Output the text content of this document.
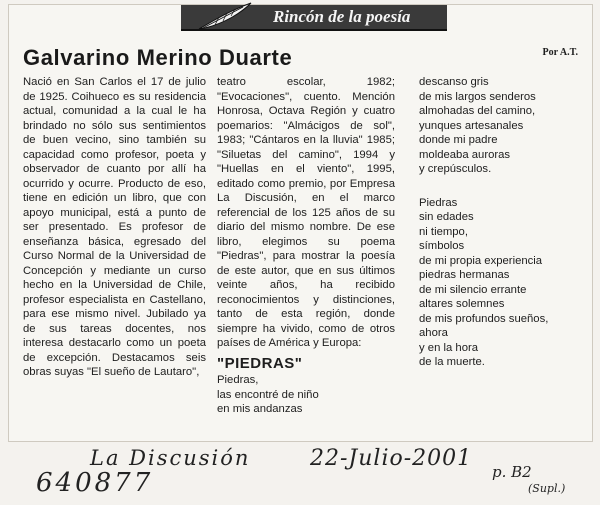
Rincón de la poesía
Galvarino Merino Duarte	Por A.T.

Nació en San Carlos el 17 de julio de 1925. Coihueco es su residencia actual, comunidad a la cual le ha brindado no sólo sus sentimientos de buen vecino, sino también su capacidad como profesor, poeta y observador de cuanto por allí ha ocurrido y ocurre. Producto de eso, tiene en edición un libro, que con apoyo municipal, está a punto de ser presentado. Es profesor de enseñanza básica, egresado del Curso Normal de la Universidad de Concepción y mediante un curso hecho en la Universidad de Chile, profesor especialista en Castellano, para ese mismo nivel. Jubilado ya de sus tareas docentes, nos interesa destacarlo como un poeta de excepción. Destacamos seis obras suyas "El sueño de Lautaro",

teatro escolar, 1982; "Evocaciones", cuento. Mención Honrosa, Octava Región y cuatro poemarios: "Almácigos de sol", 1983; "Cántaros en la lluvia" 1985; "Siluetas del camino", 1994 y "Huellas en el viento", 1995, editado como premio, por Empresa La Discusión, en el marco referencial de los 125 años de su diario del mismo nombre. De ese libro, elegimos su poema "Piedras", para mostrar la poesía de este autor, que en sus últimos veinte años, ha recibido reconocimientos y distinciones, tanto de esta región, donde siempre ha vivido, como de otros países de América y Europa:

"PIEDRAS"

Piedras,
las encontré de niño
en mis andanzas
descanso gris
de mis largos senderos
almohadas del camino,
yunques artesanales
donde mi padre
moldeaba auroras
y crepúsculos.
Piedras
sin edades
ni tiempo,
símbolos
de mi propia experiencia
piedras hermanas
de mi silencio errante
altares solemnes
de mis profundos sueños,
ahora
y en la hora
de la muerte.
La Discusión	22-Julio-2001
p. B2
(Supl.)
640877
